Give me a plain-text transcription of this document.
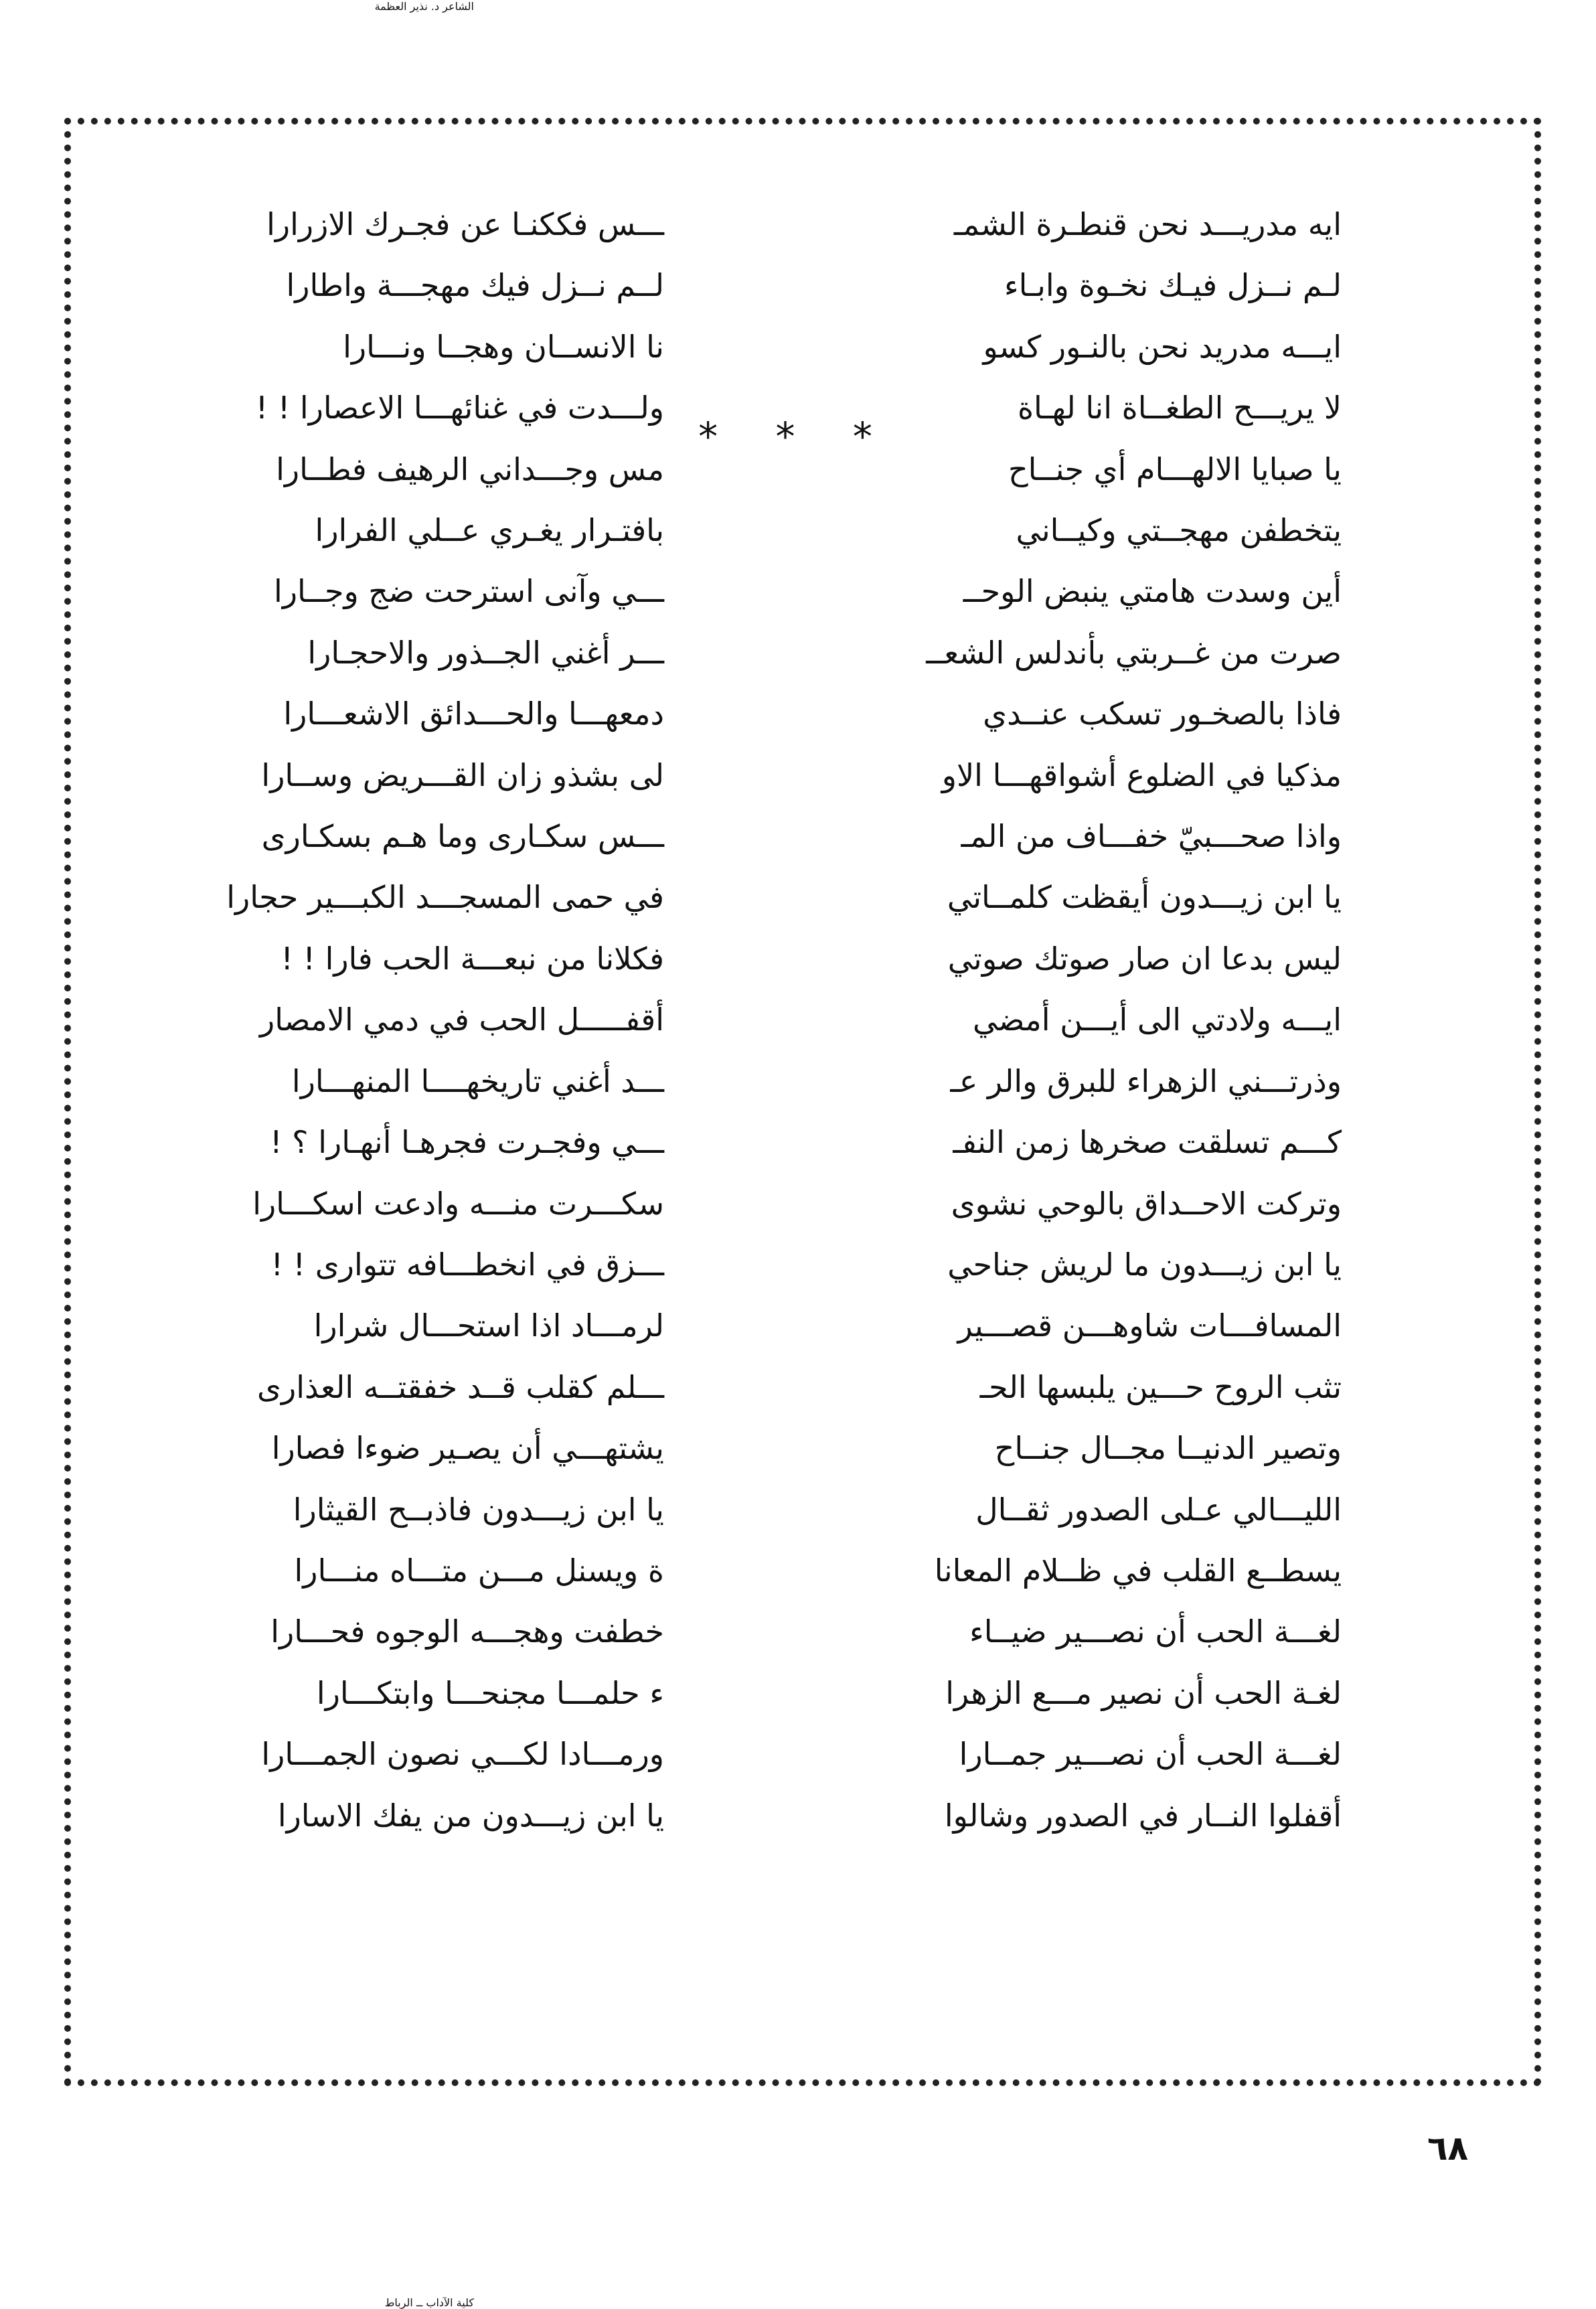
ايه مدريـــد نحن قنطـرة الشمـ
لـم نــزل فيـك نخـوة وابـاء
ايـــه مدريد نحن بالنـور كسو
لا يريـــح الطغــاة انا لهـاة
يا صبايا الالهـــام أي جنــاح
يتخطفن مهجــتي وكيــاني
أين وسدت هامتي ينبض الوحــ
صرت من غــربتي بأندلس الشعــ
فاذا بالصخـور تسكب عنــدي
مذكيا في الضلوع أشواقهـــا الاو
واذا صحـــبيّ خفـــاف من المـ
يا ابن زيـــدون أيقظت كلمــاتي
ليس بدعا ان صار صوتك صوتي
ايـــه ولادتي الى أيـــن أمضي
وذرتـــني الزهراء للبرق والر عـ
كـــم تسلقت صخرها زمن النفـ
وتركت الاحــداق بالوحي نشوى
يا ابن زيـــدون ما لريش جناحي
المسافـــات شاوهـــن قصـــير
تثب الروح حـــين يلبسها الحـ
وتصير الدنيــا مجــال جنــاح
الليـــالي عـلى الصدور ثقــال
يسطــع القلب في ظــلام المعانا
لغـــة الحب أن نصـــير ضيــاء
لغـة الحب أن نصير مـــع الزهرا
لغـــة الحب أن نصـــير جمــارا
أقفلوا النــار في الصدور وشالوا
ـــس فككنـا عن فجـرك الازرارا
لــم نــزل فيك مهجـــة واطارا
نا الانســان وهجــا ونـــارا
ولـــدت في غنائهـــا الاعصارا ! !
مس وجـــداني الرهيف فطــارا
بافتـرار يغـري عــلي الفرارا
ـــي وآنى استرحت ضج وجــارا
ـــر أغني الجــذور والاحجـارا
دمعهـــا والحـــدائق الاشعـــارا
لى بشذو زان القـــريض وســارا
ـــس سكـارى وما هـم بسكـارى
في حمى المسجـــد الكبـــير حجارا
فكلانا من نبعـــة الحب فارا ! !
أقفـــــل الحب في دمي الامصار
ـــد أغني تاريخهــــا المنهـــارا
ـــي وفجـرت فجرهـا أنهـارا ؟ !
سكـــرت منـــه وادعت اسكـــارا
ـــزق في انخطـــافه تتوارى ! !
لرمـــاد اذا استحـــال شرارا
ـــلم كقلب قــد خفقتــه العذارى
يشتهـــي أن يصـير ضوءا فصارا
يا ابن زيـــدون فاذبــح القيثارا
ة ويسنل مـــن متـــاه منـــارا
خطفت وهجـــه الوجوه فحـــارا
ء حلمـــا مجنحـــا وابتكـــارا
ورمـــادا لكـــي نصون الجمـــارا
يا ابن زيـــدون من يفك الاسارا
* * *
كلية الآداب ــ الرباط
الشاعر د. نذير العظمة
٦٨
